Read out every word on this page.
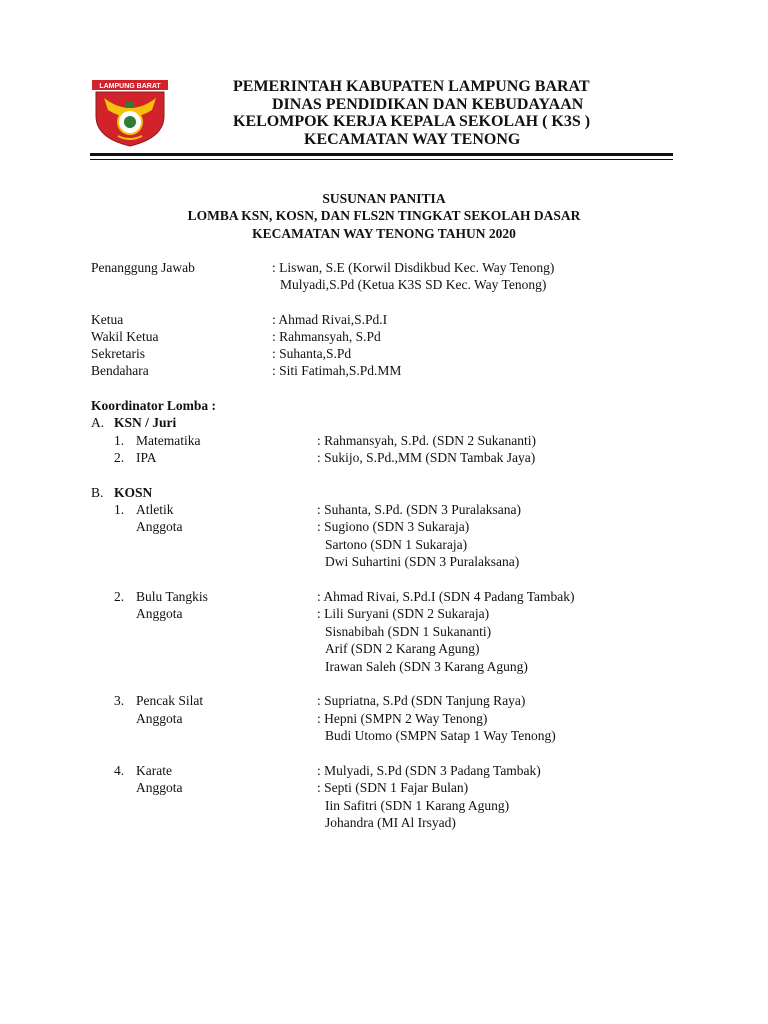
LAMPUNG BARAT	PEMERINTAH KABUPATEN LAMPUNG BARAT
DINAS PENDIDIKAN DAN KEBUDAYAAN
KELOMPOK KERJA KEPALA SEKOLAH ( K3S )
KECAMATAN WAY TENONG
SUSUNAN PANITIA
LOMBA KSN, KOSN, DAN FLS2N TINGKAT SEKOLAH DASAR
KECAMATAN WAY TENONG TAHUN 2020
Penanggung Jawab	: Liswan, S.E (Korwil Disdikbud Kec. Way Tenong)
Mulyadi,S.Pd (Ketua K3S SD Kec. Way Tenong)
Ketua	: Ahmad Rivai,S.Pd.I
Wakil Ketua	: Rahmansyah, S.Pd
Sekretaris	: Suhanta,S.Pd
Bendahara	: Siti Fatimah,S.Pd.MM
Koordinator Lomba :
A. KSN / Juri
1. Matematika	: Rahmansyah, S.Pd. (SDN 2 Sukananti)
2. IPA	: Sukijo, S.Pd.,MM (SDN Tambak Jaya)
B. KOSN
1. Atletik	: Suhanta, S.Pd. (SDN 3 Puralaksana)
Anggota	: Sugiono (SDN 3 Sukaraja)
Sartono (SDN 1 Sukaraja)
Dwi Suhartini (SDN 3 Puralaksana)
2. Bulu Tangkis	: Ahmad Rivai, S.Pd.I (SDN 4 Padang Tambak)
Anggota	: Lili Suryani (SDN 2 Sukaraja)
Sisnabibah (SDN 1 Sukananti)
Arif (SDN 2 Karang Agung)
Irawan Saleh (SDN 3 Karang Agung)
3. Pencak Silat	: Supriatna, S.Pd (SDN Tanjung Raya)
Anggota	: Hepni (SMPN 2 Way Tenong)
Budi Utomo (SMPN Satap 1 Way Tenong)
4. Karate	: Mulyadi, S.Pd (SDN 3 Padang Tambak)
Anggota	: Septi (SDN 1 Fajar Bulan)
Iin Safitri (SDN 1 Karang Agung)
Johandra (MI Al Irsyad)
